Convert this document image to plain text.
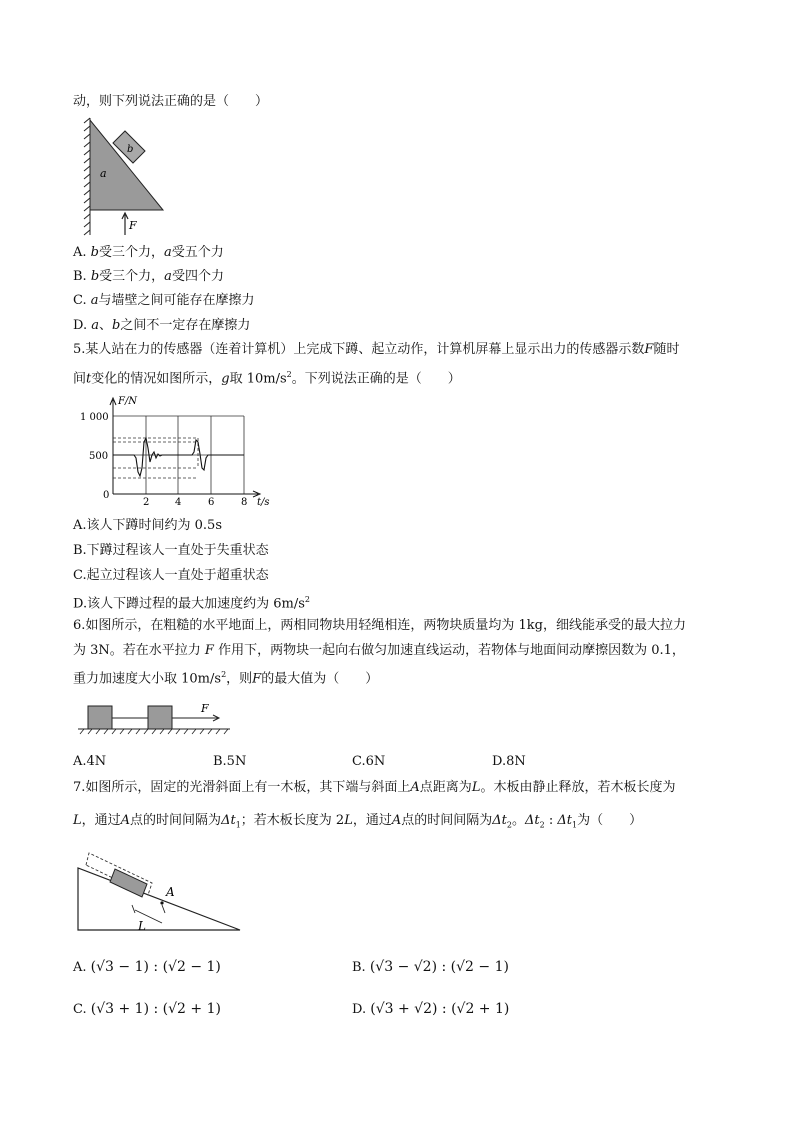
动，则下列说法正确的是（　　）
a
b
F
A. b受三个力，a受五个力
B. b受三个力，a受四个力
C. a与墙壁之间可能存在摩擦力
D. a、b之间不一定存在摩擦力
5.某人站在力的传感器（连着计算机）上完成下蹲、起立动作，计算机屏幕上显示出力的传感器示数F随时
间t变化的情况如图所示，g取 $10m/s^2$。下列说法正确的是（　　）
F/N
t/s
1 000
500
0
2	4	6	8
A.该人下蹲时间约为 0.5s
B.下蹲过程该人一直处于失重状态
C.起立过程该人一直处于超重状态
D.该人下蹲过程的最大加速度约为 $6m/s^2$
6.如图所示，在粗糙的水平地面上，两相同物块用轻绳相连，两物块质量均为 1kg，细线能承受的最大拉力
为 3N。若在水平拉力 F 作用下，两物块一起向右做匀加速直线运动，若物体与地面间动摩擦因数为 0.1，
重力加速度大小取 $10m/s^2$，则F的最大值为（　　）
F
A.4N	B.5N	C.6N	D.8N
7.如图所示，固定的光滑斜面上有一木板，其下端与斜面上A点距离为L。木板由静止释放，若木板长度为
L，通过A点的时间间隔为$\Delta t_1$；若木板长度为 2L，通过A点的时间间隔为$\Delta t_2$。$\Delta t_2$ : $\Delta t_1$为（　　）
A
L
A. (√3 − 1) : (√2 − 1)	B. (√3 − √2) : (√2 − 1)
C. (√3 + 1) : (√2 + 1)	D. (√3 + √2) : (√2 + 1)
